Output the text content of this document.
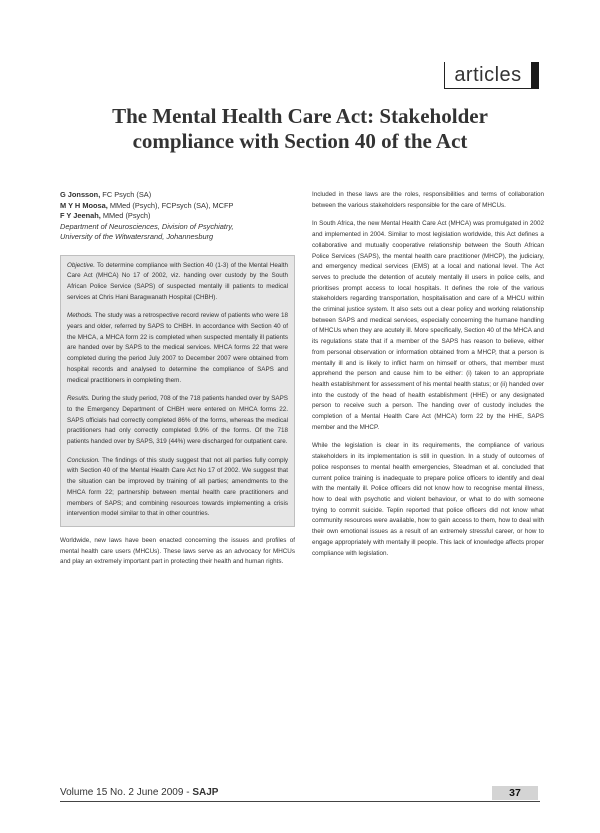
articles
The Mental Health Care Act: Stakeholder
compliance with Section 40 of the Act
G Jonsson, FC Psych (SA)
M Y H Moosa, MMed (Psych), FCPsych (SA), MCFP
F Y Jeenah, MMed (Psych)
Department of Neurosciences, Division of Psychiatry,
University of the Witwatersrand, Johannesburg

Objective. To determine compliance with Section 40 (1-3) of the Mental Health Care Act (MHCA) No 17 of 2002, viz. handing over custody by the South African Police Service (SAPS) of suspected mentally ill patients to medical services at Chris Hani Baragwanath Hospital (CHBH).

Methods. The study was a retrospective record review of patients who were 18 years and older, referred by SAPS to CHBH. In accordance with Section 40 of the MHCA, a MHCA form 22 is completed when suspected mentally ill patients are handed over by SAPS to the medical services. MHCA forms 22 that were completed during the period July 2007 to December 2007 were obtained from hospital records and analysed to determine the compliance of SAPS and medical practitioners in completing them.

Results. During the study period, 708 of the 718 patients handed over by SAPS to the Emergency Department of CHBH were entered on MHCA forms 22. SAPS officials had correctly completed 86% of the forms, whereas the medical practitioners had only correctly completed 9.9% of the forms. Of the 718 patients handed over by SAPS, 319 (44%) were discharged for outpatient care.

Conclusion. The findings of this study suggest that not all parties fully comply with Section 40 of the Mental Health Care Act No 17 of 2002. We suggest that the situation can be improved by training of all parties; amendments to the MHCA form 22; partnership between mental health care practitioners and members of SAPS; and combining resources towards implementing a crisis intervention model similar to that in other countries.

Worldwide, new laws have been enacted concerning the issues and profiles of mental health care users (MHCUs). These laws serve as an advocacy for MHCUs and play an extremely important part in protecting their health and human rights.

Included in these laws are the roles, responsibilities and terms of collaboration between the various stakeholders responsible for the care of MHCUs.

In South Africa, the new Mental Health Care Act (MHCA) was promulgated in 2002 and implemented in 2004. Similar to most legislation worldwide, this Act defines a collaborative and mutually cooperative relationship between the South African Police Services (SAPS), the mental health care practitioner (MHCP), the judiciary, and emergency medical services (EMS) at a local and national level. The Act serves to preclude the detention of acutely mentally ill users in police cells, and prioritises prompt access to local hospitals. It defines the role of the various stakeholders regarding transportation, hospitalisation and care of a MHCU within the criminal justice system. It also sets out a clear policy and working relationship between SAPS and medical services, especially concerning the humane handling of MHCUs when they are acutely ill. More specifically, Section 40 of the MHCA and its regulations state that if a member of the SAPS has reason to believe, either from personal observation or information obtained from a MHCP, that a person is mentally ill and is likely to inflict harm on himself or others, that member must apprehend the person and cause him to be either: (i) taken to an appropriate health establishment for assessment of his mental health status; or (ii) handed over into the custody of the head of health establishment (HHE) or any designated person to receive such a person. The handing over of custody includes the completion of a Mental Health Care Act (MHCA) form 22 by the HHE, SAPS member and the MHCP.

While the legislation is clear in its requirements, the compliance of various stakeholders in its implementation is still in question. In a study of outcomes of police responses to mental health emergencies, Steadman et al. concluded that current police training is inadequate to prepare police officers to identify and deal with the mentally ill. Police officers did not know how to recognise mental illness, how to deal with psychotic and violent behaviour, or what to do with someone trying to commit suicide. Teplin reported that police officers did not know what community resources were available, how to gain access to them, how to deal with their own emotional issues as a result of an extremely stressful career, or how to engage appropriately with mentally ill people. This lack of knowledge affects proper compliance with legislation.

Volume 15 No. 2 June 2009 - SAJP	37
